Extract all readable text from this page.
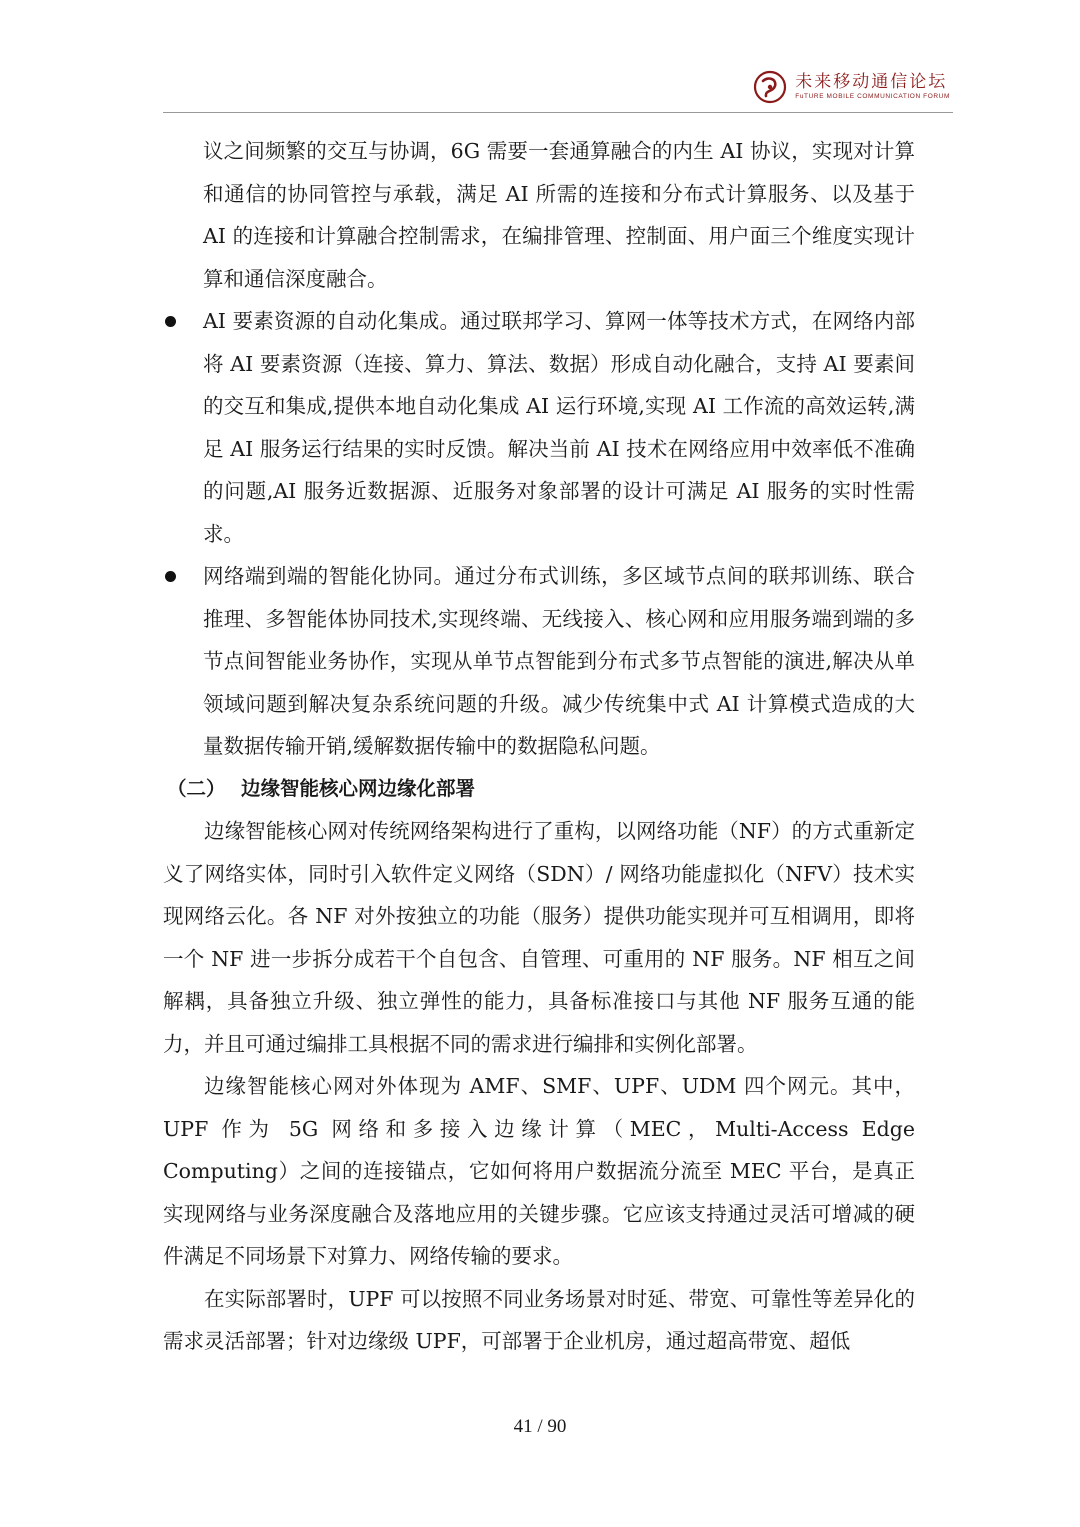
未来移动通信论坛
FuTURE MOBILE COMMUNICATION FORUM

议之间频繁的交互与协调，6G 需要一套通算融合的内生 AI 协议，实现对计算和通信的协同管控与承载，满足 AI 所需的连接和分布式计算服务、以及基于 AI 的连接和计算融合控制需求，在编排管理、控制面、用户面三个维度实现计算和通信深度融合。

AI 要素资源的自动化集成。通过联邦学习、算网一体等技术方式，在网络内部将 AI 要素资源（连接、算力、算法、数据）形成自动化融合，支持 AI 要素间的交互和集成,提供本地自动化集成 AI 运行环境,实现 AI 工作流的高效运转,满足 AI 服务运行结果的实时反馈。解决当前 AI 技术在网络应用中效率低不准确的问题,AI 服务近数据源、近服务对象部署的设计可满足 AI 服务的实时性需求。
网络端到端的智能化协同。通过分布式训练，多区域节点间的联邦训练、联合推理、多智能体协同技术,实现终端、无线接入、核心网和应用服务端到端的多节点间智能业务协作，实现从单节点智能到分布式多节点智能的演进,解决从单领域问题到解决复杂系统问题的升级。减少传统集中式 AI 计算模式造成的大量数据传输开销,缓解数据传输中的数据隐私问题。

（二） 边缘智能核心网边缘化部署

边缘智能核心网对传统网络架构进行了重构，以网络功能（NF）的方式重新定义了网络实体，同时引入软件定义网络（SDN）/ 网络功能虚拟化（NFV）技术实现网络云化。各 NF 对外按独立的功能（服务）提供功能实现并可互相调用，即将一个 NF 进一步拆分成若干个自包含、自管理、可重用的 NF 服务。NF 相互之间解耦，具备独立升级、独立弹性的能力，具备标准接口与其他 NF 服务互通的能力，并且可通过编排工具根据不同的需求进行编排和实例化部署。

边缘智能核心网对外体现为 AMF、SMF、UPF、UDM 四个网元。其中，UPF 作为 5G 网络和多接入边缘计算（MEC，Multi-Access Edge Computing）之间的连接锚点，它如何将用户数据流分流至 MEC 平台，是真正实现网络与业务深度融合及落地应用的关键步骤。它应该支持通过灵活可增减的硬件满足不同场景下对算力、网络传输的要求。

在实际部署时，UPF 可以按照不同业务场景对时延、带宽、可靠性等差异化的需求灵活部署；针对边缘级 UPF，可部署于企业机房，通过超高带宽、超低

41 / 90
